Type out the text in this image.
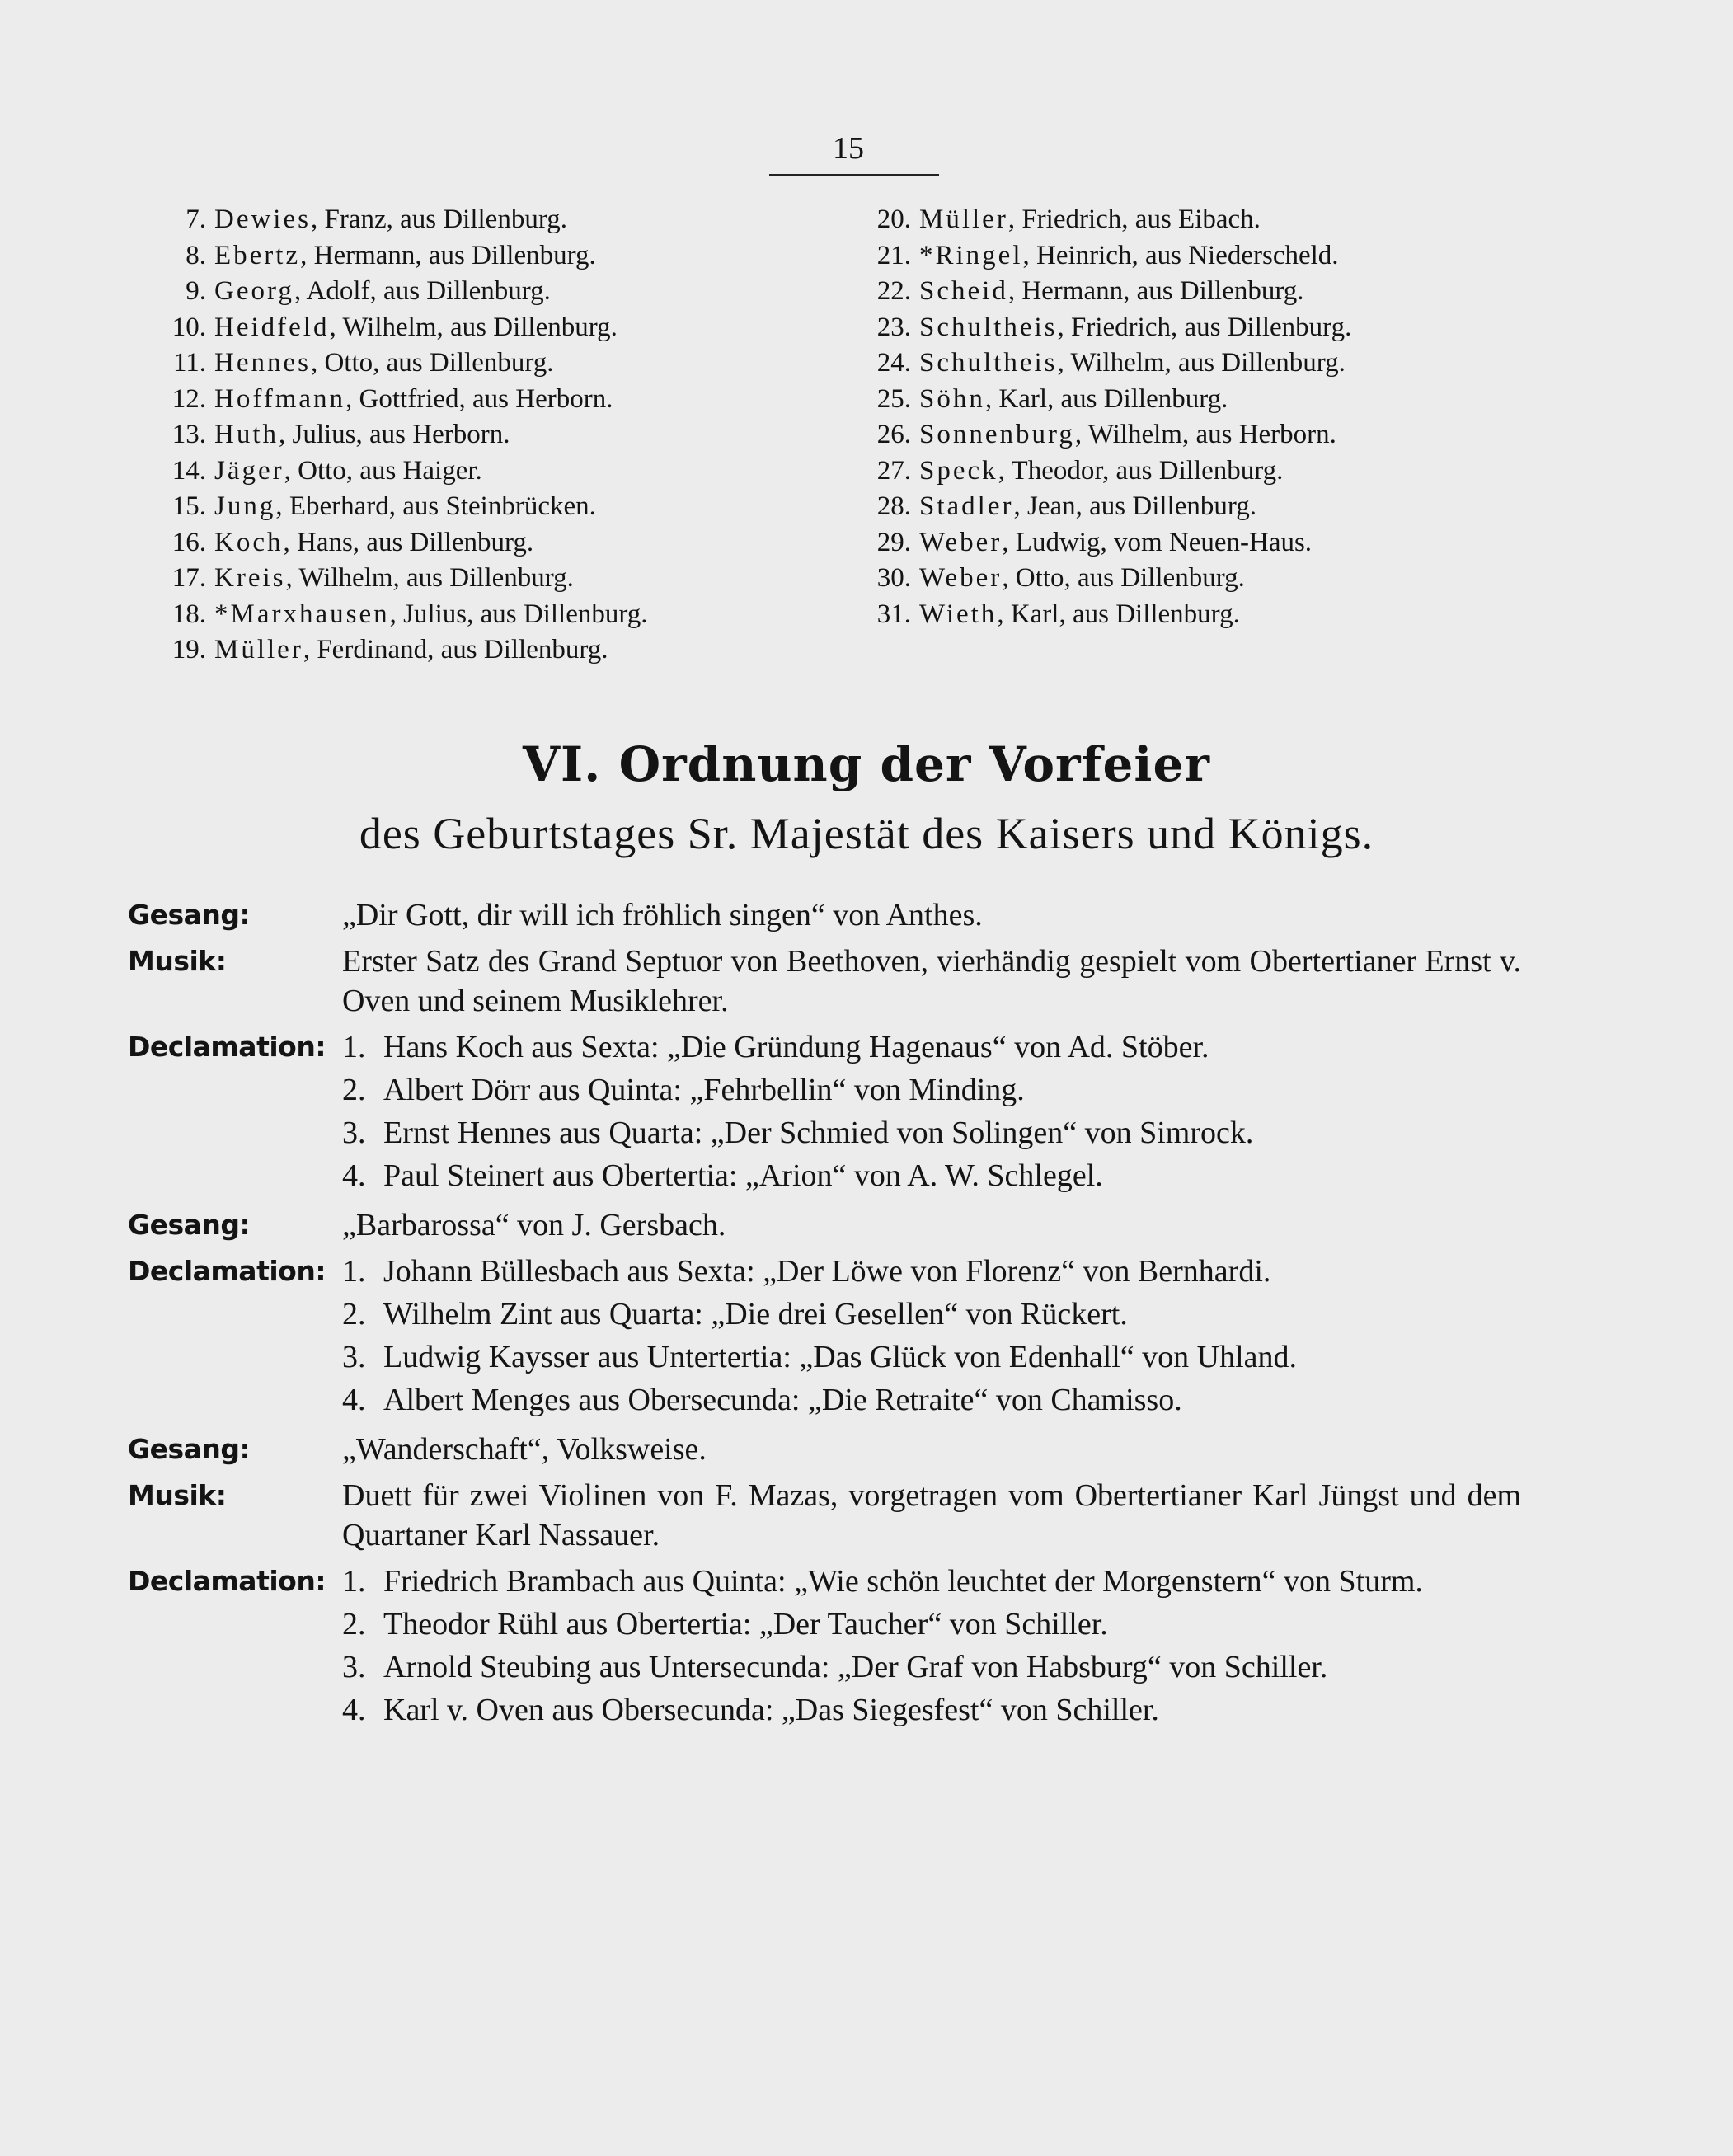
15
7. Dewies , Franz, aus Dillenburg.
8. Ebertz , Hermann, aus Dillenburg.
9. Georg , Adolf, aus Dillenburg.
10. Heidfeld , Wilhelm, aus Dillenburg.
11. Hennes , Otto, aus Dillenburg.
12. Hoffmann , Gottfried, aus Herborn.
13. Huth , Julius, aus Herborn.
14. Jäger , Otto, aus Haiger.
15. Jung , Eberhard, aus Steinbrücken.
16. Koch , Hans, aus Dillenburg.
17. Kreis , Wilhelm, aus Dillenburg.
18. *Marxhausen , Julius, aus Dillenburg.
19. Müller , Ferdinand, aus Dillenburg.
20. Müller , Friedrich, aus Eibach.
21. *Ringel , Heinrich, aus Niederscheld.
22. Scheid , Hermann, aus Dillenburg.
23. Schultheis , Friedrich, aus Dillenburg.
24. Schultheis , Wilhelm, aus Dillenburg.
25. Söhn , Karl, aus Dillenburg.
26. Sonnenburg , Wilhelm, aus Herborn.
27. Speck , Theodor, aus Dillenburg.
28. Stadler , Jean, aus Dillenburg.
29. Weber , Ludwig, vom Neuen-Haus.
30. Weber , Otto, aus Dillenburg.
31. Wieth , Karl, aus Dillenburg.
VI. Ordnung der Vorfeier
des Geburtstages Sr. Majestät des Kaisers und Königs.
Gesang:	„Dir Gott, dir will ich fröhlich singen“ von Anthes.
Musik:	Erster Satz des Grand Septuor von Beethoven, vierhändig gespielt vom Obertertianer Ernst v. Oven und seinem Musiklehrer.
Declamation: 1. Hans Koch aus Sexta: „Die Gründung Hagenaus“ von Ad. Stöber.
2. Albert Dörr aus Quinta: „Fehrbellin“ von Minding.
3. Ernst Hennes aus Quarta: „Der Schmied von Solingen“ von Simrock.
4. Paul Steinert aus Obertertia: „Arion“ von A. W. Schlegel.
Gesang:	„Barbarossa“ von J. Gersbach.
Declamation: 1. Johann Büllesbach aus Sexta: „Der Löwe von Florenz“ von Bernhardi.
2. Wilhelm Zint aus Quarta: „Die drei Gesellen“ von Rückert.
3. Ludwig Kaysser aus Untertertia: „Das Glück von Edenhall“ von Uhland.
4. Albert Menges aus Obersecunda: „Die Retraite“ von Chamisso.
Gesang:	„Wanderschaft“, Volksweise.
Musik:	Duett für zwei Violinen von F. Mazas, vorgetragen vom Obertertianer Karl Jüngst und dem Quartaner Karl Nassauer.
Declamation: 1. Friedrich Brambach aus Quinta: „Wie schön leuchtet der Morgenstern“ von Sturm.
2. Theodor Rühl aus Obertertia: „Der Taucher“ von Schiller.
3. Arnold Steubing aus Untersecunda: „Der Graf von Habsburg“ von Schiller.
4. Karl v. Oven aus Obersecunda: „Das Siegesfest“ von Schiller.
